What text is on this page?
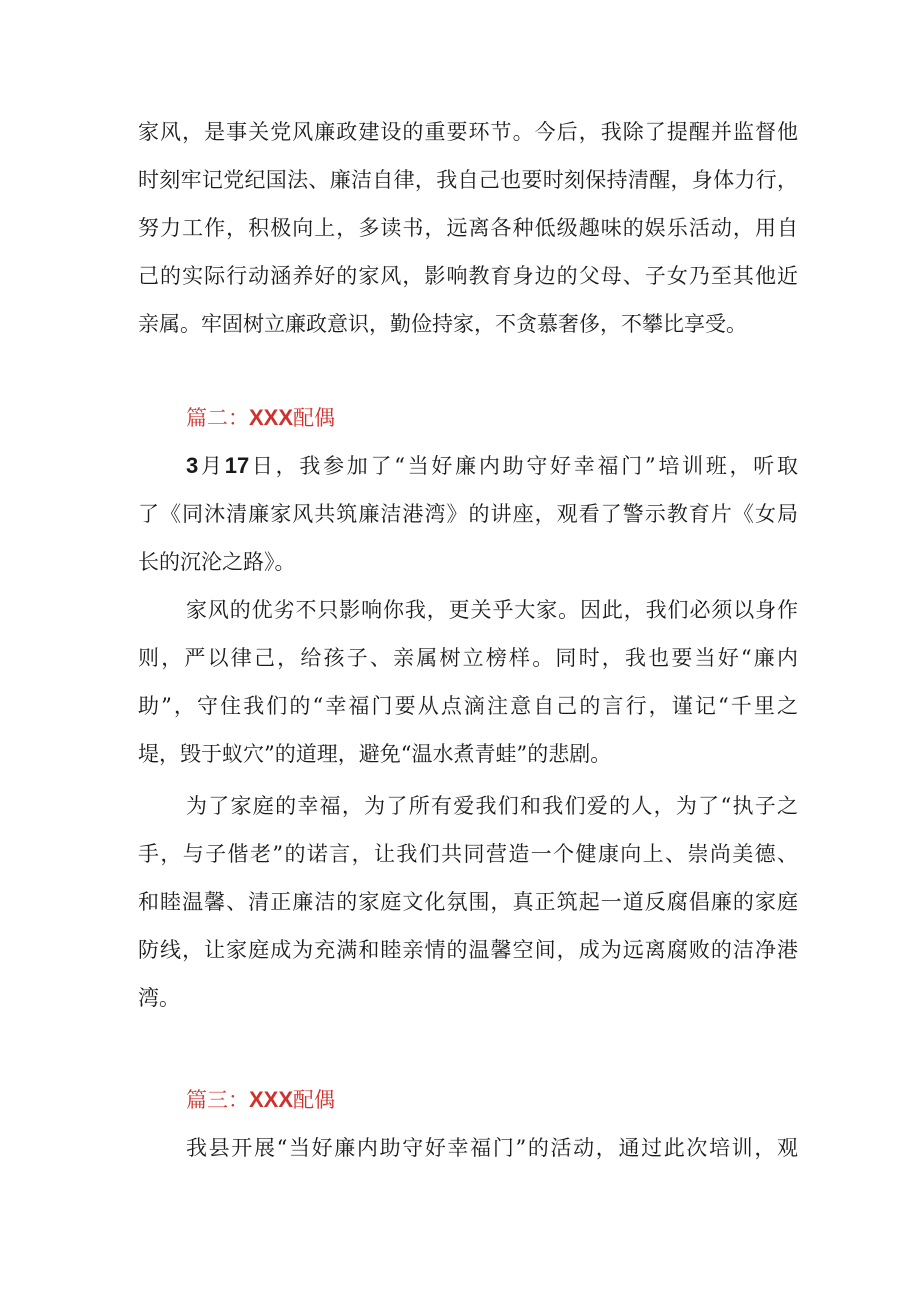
家风，是事关党风廉政建设的重要环节。今后，我除了提醒并监督他
时刻牢记党纪国法、廉洁自律，我自己也要时刻保持清醒，身体力行，
努力工作，积极向上，多读书，远离各种低级趣味的娱乐活动，用自
己的实际行动涵养好的家风，影响教育身边的父母、子女乃至其他近
亲属。牢固树立廉政意识，勤俭持家，不贪慕奢侈，不攀比享受。
篇二：XXX配偶
3月17日，我参加了“当好廉内助守好幸福门”培训班，听取
了《同沐清廉家风共筑廉洁港湾》的讲座，观看了警示教育片《女局
长的沉沦之路》。
家风的优劣不只影响你我，更关乎大家。因此，我们必须以身作
则，严以律己，给孩子、亲属树立榜样。同时，我也要当好“廉内
助”，守住我们的“幸福门要从点滴注意自己的言行，谨记“千里之
堤，毁于蚁穴”的道理，避免“温水煮青蛙”的悲剧。
为了家庭的幸福，为了所有爱我们和我们爱的人，为了“执子之
手，与子偕老”的诺言，让我们共同营造一个健康向上、崇尚美德、
和睦温馨、清正廉洁的家庭文化氛围，真正筑起一道反腐倡廉的家庭
防线，让家庭成为充满和睦亲情的温馨空间，成为远离腐败的洁净港
湾。
篇三：XXX配偶
我县开展“当好廉内助守好幸福门”的活动，通过此次培训，观
